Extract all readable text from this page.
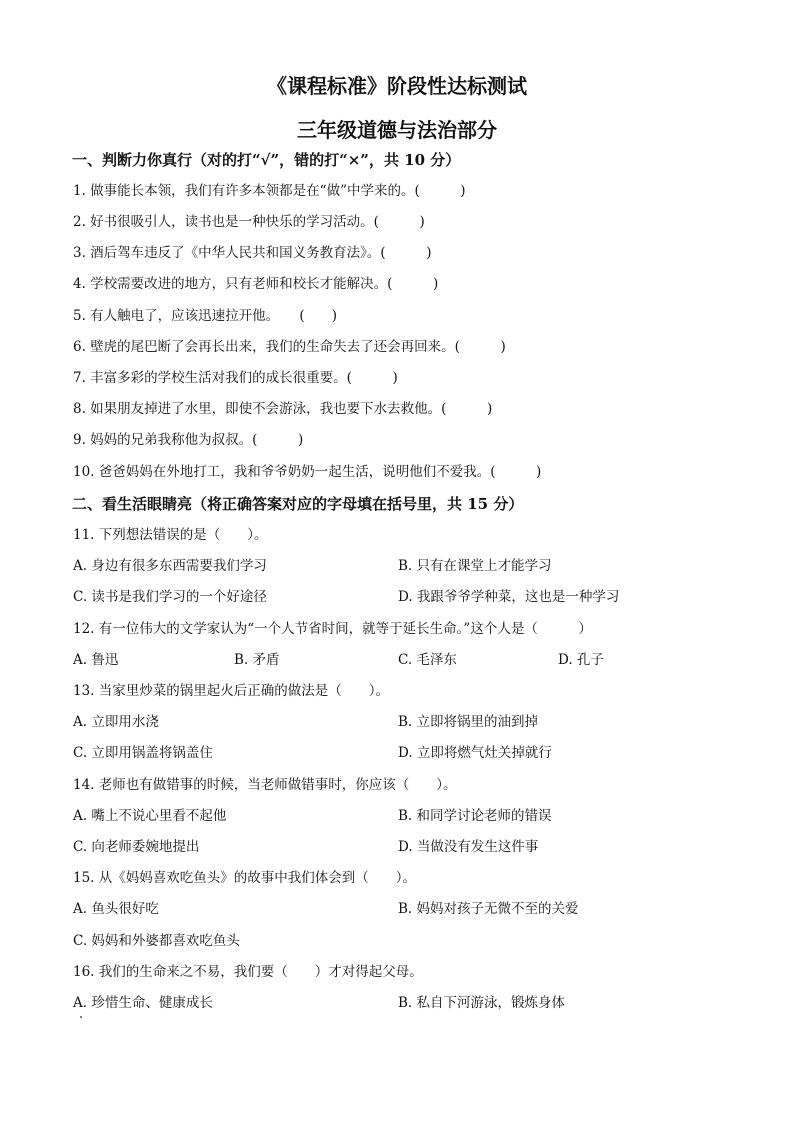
《课程标准》阶段性达标测试
三年级道德与法治部分
一、判断力你真行（对的打“√”，错的打“×”，共 10 分）
1. 做事能长本领，我们有许多本领都是在“做”中学来的。(　　　)
2. 好书很吸引人，读书也是一种快乐的学习活动。(　　　)
3. 酒后驾车违反了《中华人民共和国义务教育法》。(　　　)
4. 学校需要改进的地方，只有老师和校长才能解决。(　　　)
5. 有人触电了，应该迅速拉开他。　　(　　)
6. 壁虎的尾巴断了会再长出来，我们的生命失去了还会再回来。(　　　)
7. 丰富多彩的学校生活对我们的成长很重要。(　　　)
8. 如果朋友掉进了水里，即使不会游泳，我也要下水去救他。(　　　)
9. 妈妈的兄弟我称他为叔叔。(　　　)
10. 爸爸妈妈在外地打工，我和爷爷奶奶一起生活，说明他们不爱我。(　　　)
二、看生活眼睛亮（将正确答案对应的字母填在括号里，共 15 分）
11. 下列想法错误的是（　　）。
A. 身边有很多东西需要我们学习	B. 只有在课堂上才能学习
C. 读书是我们学习的一个好途径	D. 我跟爷爷学种菜，这也是一种学习
12. 有一位伟大的文学家认为“一个人节省时间，就等于延长生命。”这个人是（　　　）
A. 鲁迅	B. 矛盾	C. 毛泽东	D. 孔子
13. 当家里炒菜的锅里起火后正确的做法是（　　）。
A. 立即用水浇	B. 立即将锅里的油到掉
C. 立即用锅盖将锅盖住	D. 立即将燃气灶关掉就行
14. 老师也有做错事的时候，当老师做错事时，你应该（　　）。
A. 嘴上不说心里看不起他	B. 和同学讨论老师的错误
C. 向老师委婉地提出	D. 当做没有发生这件事
15. 从《妈妈喜欢吃鱼头》的故事中我们体会到（　　）。
A. 鱼头很好吃	B. 妈妈对孩子无微不至的关爱
C. 妈妈和外婆都喜欢吃鱼头
16. 我们的生命来之不易，我们要（　　）才对得起父母。
A. 珍惜生命、健康成长	B. 私自下河游泳，锻炼身体
